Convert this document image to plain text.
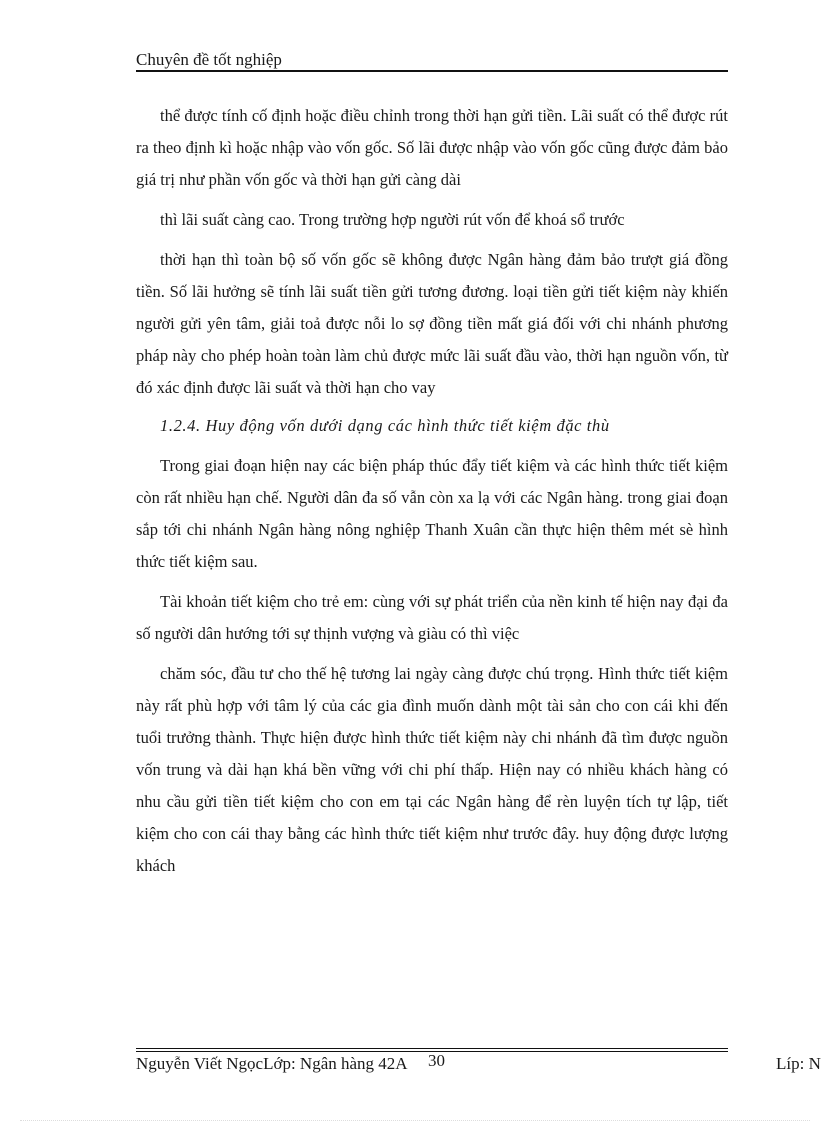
Chuyên đề tốt nghiệp

thể được tính cố định hoặc điều chỉnh trong thời hạn gửi tiền. Lãi suất có thể được rút ra theo định kì hoặc nhập vào vốn gốc. Số lãi được nhập vào vốn gốc cũng được đảm bảo giá trị như phần vốn gốc và thời hạn gửi càng dài

thì lãi suất càng cao. Trong trường hợp người rút vốn để khoá sổ trước

thời hạn thì toàn bộ số vốn gốc sẽ không được Ngân hàng đảm bảo trượt giá đồng tiền. Số lãi hưởng sẽ tính lãi suất tiền gửi tương đương. loại tiền gửi tiết kiệm này khiến người gửi yên tâm, giải toả được nỗi lo sợ đồng tiền mất giá đối với chi nhánh phương pháp này cho phép hoàn toàn làm chủ được mức lãi suất đầu vào, thời hạn nguồn vốn, từ đó xác định được lãi suất và thời hạn cho vay

1.2.4. Huy động vốn dưới dạng các hình thức tiết kiệm đặc thù

Trong giai đoạn hiện nay các biện pháp thúc đẩy tiết kiệm và các hình thức tiết kiệm còn rất nhiều hạn chế. Người dân đa số vẫn còn xa lạ với các Ngân hàng. trong giai đoạn sắp tới chi nhánh Ngân hàng nông nghiệp Thanh Xuân cần thực hiện thêm mét sè hình thức tiết kiệm sau.

Tài khoản tiết kiệm cho trẻ em: cùng với sự phát triển của nền kinh tế hiện nay đại đa số người dân hướng tới sự thịnh vượng và giàu có thì việc

chăm sóc, đầu tư cho thế hệ tương lai ngày càng được chú trọng. Hình thức tiết kiệm này rất phù hợp với tâm lý của các gia đình muốn dành một tài sản cho con cái khi đến tuổi trưởng thành. Thực hiện được hình thức tiết kiệm này chi nhánh đã tìm được nguồn vốn trung và dài hạn khá bền vững với chi phí thấp. Hiện nay có nhiều khách hàng có nhu cầu gửi tiền tiết kiệm cho con em tại các Ngân hàng để rèn luyện tích tự lập, tiết kiệm cho con cái thay bằng các hình thức tiết kiệm như trước đây. huy động được lượng khách

Nguyễn Viết NgọcLớp: Ngân hàng 42A 30	Líp: N
